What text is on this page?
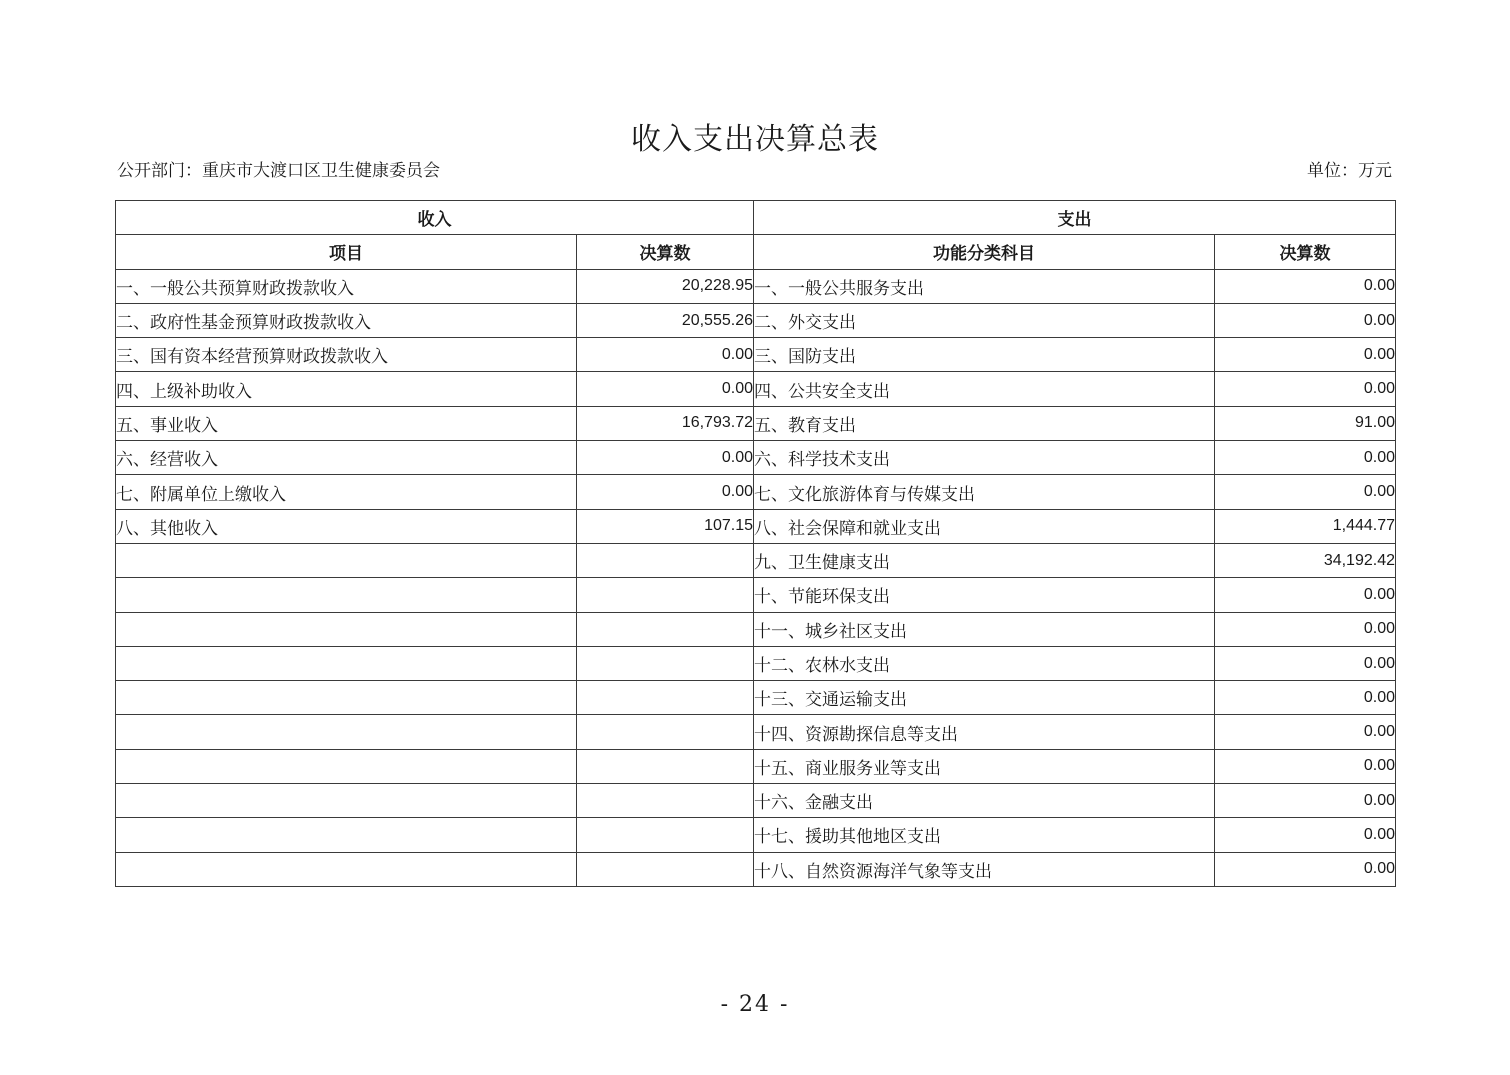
收入支出决算总表
公开部门：重庆市大渡口区卫生健康委员会	单位：万元
收入		支出	
项目	决算数	功能分类科目	决算数
一、一般公共预算财政拨款收入	20,228.95	一、一般公共服务支出	0.00
二、政府性基金预算财政拨款收入	20,555.26	二、外交支出	0.00
三、国有资本经营预算财政拨款收入	0.00	三、国防支出	0.00
四、上级补助收入	0.00	四、公共安全支出	0.00
五、事业收入	16,793.72	五、教育支出	91.00
六、经营收入	0.00	六、科学技术支出	0.00
七、附属单位上缴收入	0.00	七、文化旅游体育与传媒支出	0.00
八、其他收入	107.15	八、社会保障和就业支出	1,444.77
		九、卫生健康支出	34,192.42
		十、节能环保支出	0.00
		十一、城乡社区支出	0.00
		十二、农林水支出	0.00
		十三、交通运输支出	0.00
		十四、资源勘探信息等支出	0.00
		十五、商业服务业等支出	0.00
		十六、金融支出	0.00
		十七、援助其他地区支出	0.00
		十八、自然资源海洋气象等支出	0.00
- 24 -
